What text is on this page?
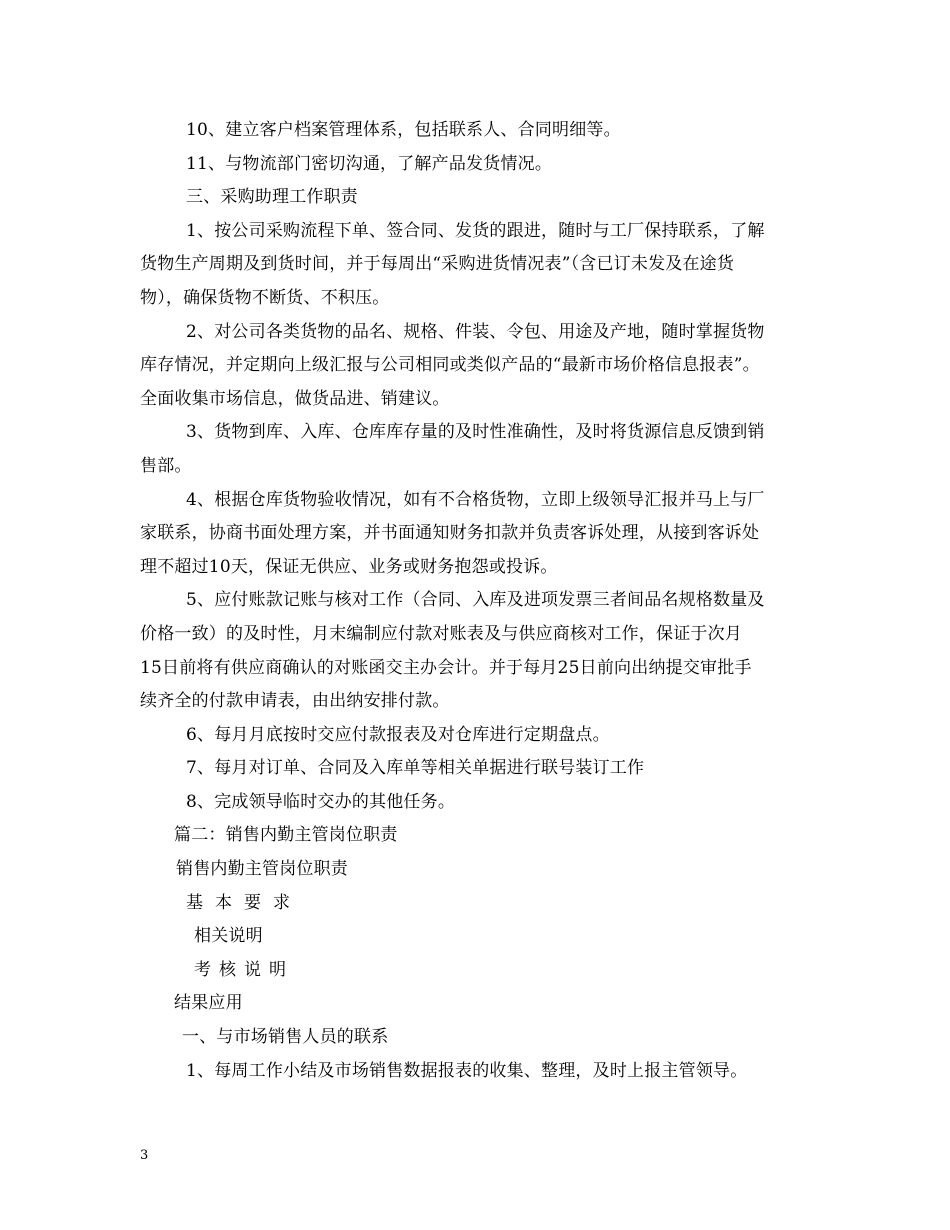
10、建立客户档案管理体系，包括联系人、合同明细等。
11、与物流部门密切沟通，了解产品发货情况。
三、采购助理工作职责
1、按公司采购流程下单、签合同、发货的跟进，随时与工厂保持联系，了解
货物生产周期及到货时间，并于每周出“采购进货情况表”（含已订未发及在途货
物），确保货物不断货、不积压。
2、对公司各类货物的品名、规格、件装、令包、用途及产地，随时掌握货物
库存情况，并定期向上级汇报与公司相同或类似产品的“最新市场价格信息报表”。
全面收集市场信息，做货品进、销建议。
3、货物到库、入库、仓库库存量的及时性准确性，及时将货源信息反馈到销
售部。
4、根据仓库货物验收情况，如有不合格货物，立即上级领导汇报并马上与厂
家联系，协商书面处理方案，并书面通知财务扣款并负责客诉处理，从接到客诉处
理不超过10天，保证无供应、业务或财务抱怨或投诉。
5、应付账款记账与核对工作（合同、入库及进项发票三者间品名规格数量及
价格一致）的及时性，月末编制应付款对账表及与供应商核对工作，保证于次月
15日前将有供应商确认的对账函交主办会计。并于每月25日前向出纳提交审批手
续齐全的付款申请表，由出纳安排付款。
6、每月月底按时交应付款报表及对仓库进行定期盘点。
7、每月对订单、合同及入库单等相关单据进行联号装订工作
8、完成领导临时交办的其他任务。
篇二：销售内勤主管岗位职责
销售内勤主管岗位职责
基本要求
相关说明
考核说明
结果应用
一、与市场销售人员的联系
1、每周工作小结及市场销售数据报表的收集、整理，及时上报主管领导。
3
